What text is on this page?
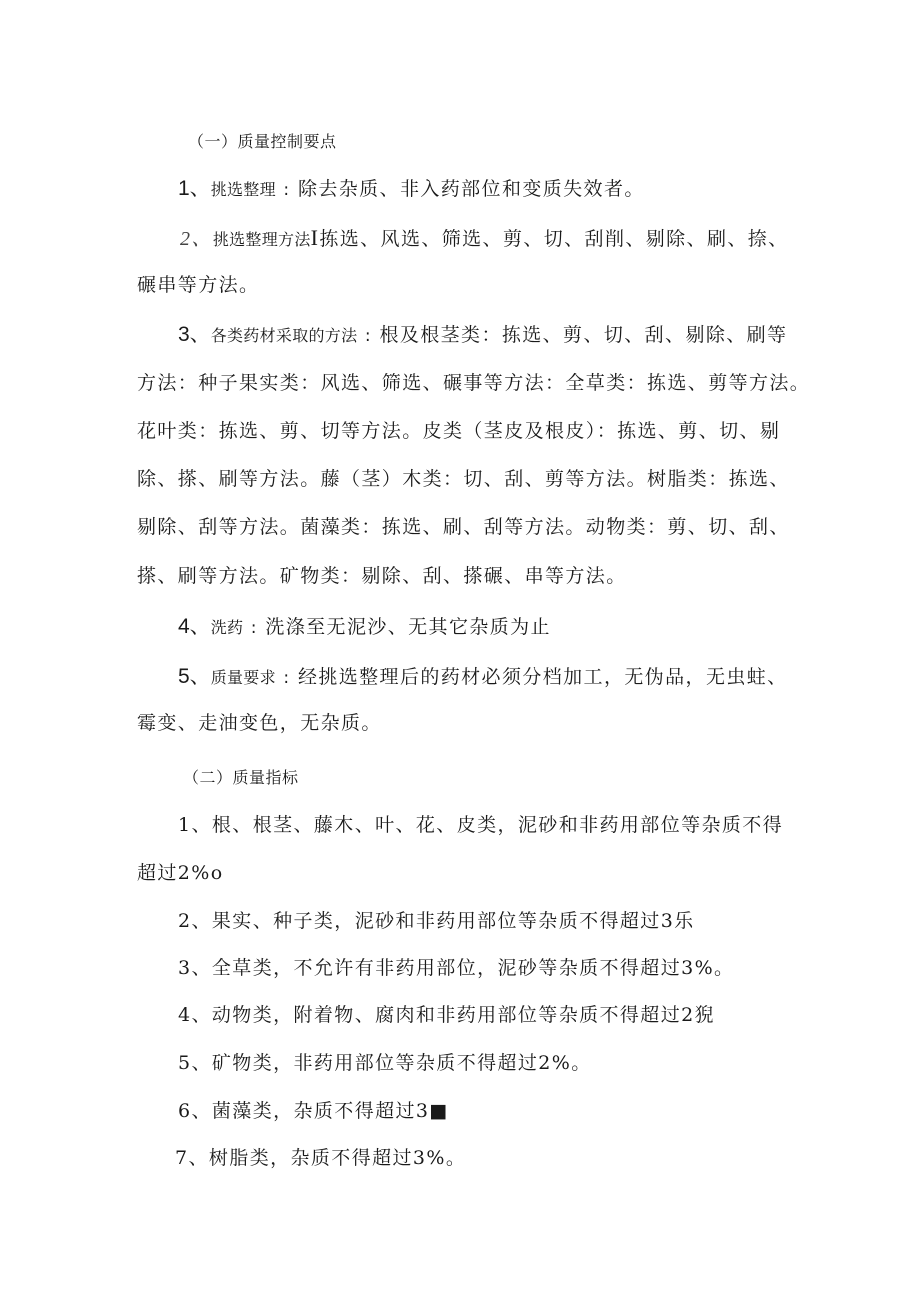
（一）质量控制要点
1、挑选整理 : 除去杂质、非入药部位和变质失效者。
2、挑选整理方法I拣选、风选、筛选、剪、切、刮削、剔除、刷、捺、
碾串等方法。
3、各类药材采取的方法 : 根及根茎类：拣选、剪、切、刮、剔除、刷等
方法：种子果实类：风选、筛选、碾事等方法：全草类：拣选、剪等方法。
花叶类：拣选、剪、切等方法。皮类（茎皮及根皮）：拣选、剪、切、剔
除、搽、刷等方法。藤（茎）木类：切、刮、剪等方法。树脂类：拣选、
剔除、刮等方法。菌藻类：拣选、刷、刮等方法。动物类：剪、切、刮、
搽、刷等方法。矿物类：剔除、刮、搽碾、串等方法。
4、洗药 : 洗涤至无泥沙、无其它杂质为止
5、质量要求 : 经挑选整理后的药材必须分档加工，无伪品，无虫蛀、
霉变、走油变色，无杂质。
（二）质量指标
1、根、根茎、藤木、叶、花、皮类，泥砂和非药用部位等杂质不得
超过2%o
2、果实、种子类，泥砂和非药用部位等杂质不得超过3乐
3、全草类，不允许有非药用部位，泥砂等杂质不得超过3%。
4、动物类，附着物、腐肉和非药用部位等杂质不得超过2猊
5、矿物类，非药用部位等杂质不得超过2%。
6、菌藻类，杂质不得超过3■
7、树脂类，杂质不得超过3%。
